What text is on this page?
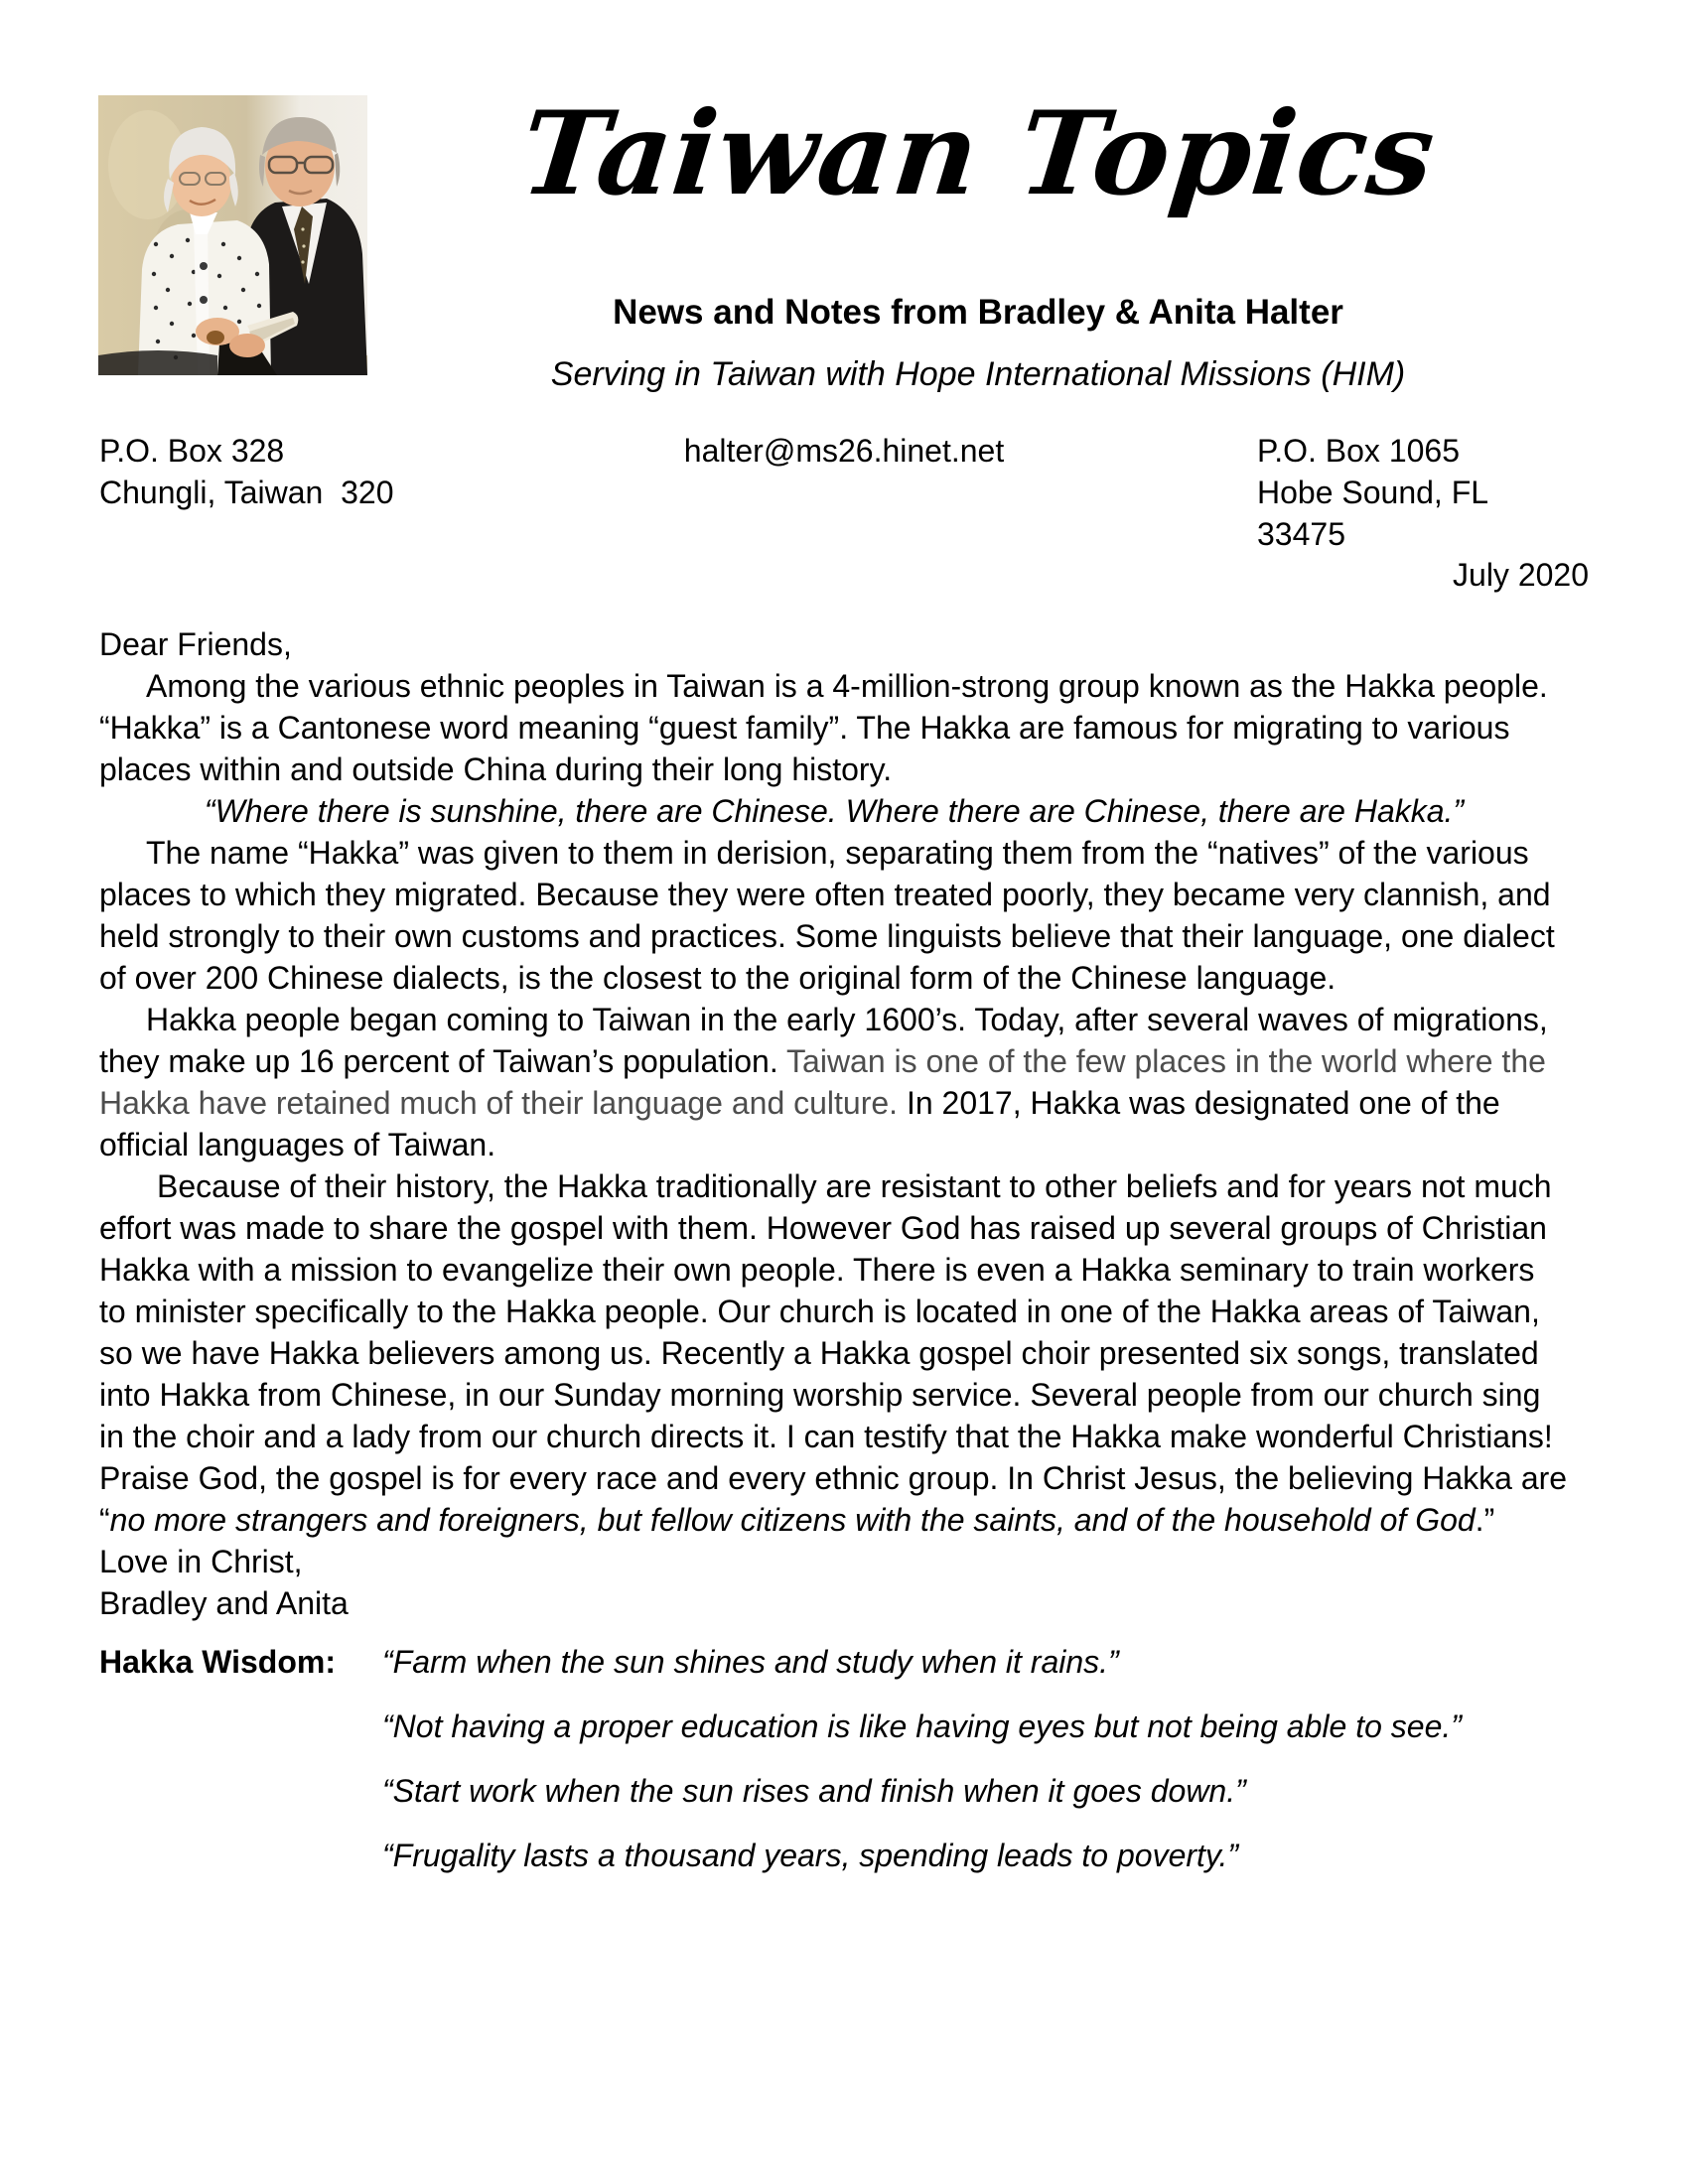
Taiwan Topics
News and Notes from Bradley & Anita Halter
Serving in Taiwan with Hope International Missions (HIM)
P.O. Box 328
Chungli, Taiwan  320
halter@ms26.hinet.net	P.O. Box 1065
Hobe Sound, FL  33475
July 2020

Dear Friends,

Among the various ethnic peoples in Taiwan is a 4-million-strong group known as the Hakka people. “Hakka” is a Cantonese word meaning “guest family”. The Hakka are famous for migrating to various places within and outside China during their long history.

“Where there is sunshine, there are Chinese. Where there are Chinese, there are Hakka.”

The name “Hakka” was given to them in derision, separating them from the “natives” of the various places to which they migrated. Because they were often treated poorly, they became very clannish, and held strongly to their own customs and practices. Some linguists believe that their language, one dialect of over 200 Chinese dialects, is the closest to the original form of the Chinese language.

Hakka people began coming to Taiwan in the early 1600’s. Today, after several waves of migrations, they make up 16 percent of Taiwan’s population. Taiwan is one of the few places in the world where the Hakka have retained much of their language and culture. In 2017, Hakka was designated one of the official languages of Taiwan.

Because of their history, the Hakka traditionally are resistant to other beliefs and for years not much effort was made to share the gospel with them. However God has raised up several groups of Christian Hakka with a mission to evangelize their own people. There is even a Hakka seminary to train workers to minister specifically to the Hakka people. Our church is located in one of the Hakka areas of Taiwan, so we have Hakka believers among us. Recently a Hakka gospel choir presented six songs, translated into Hakka from Chinese, in our Sunday morning worship service. Several people from our church sing in the choir and a lady from our church directs it. I can testify that the Hakka make wonderful Christians! Praise God, the gospel is for every race and every ethnic group. In Christ Jesus, the believing Hakka are “no more strangers and foreigners, but fellow citizens with the saints, and of the household of God.”

Love in Christ,

Bradley and Anita

Hakka Wisdom: “Farm when the sun shines and study when it rains.”
“Not having a proper education is like having eyes but not being able to see.”
“Start work when the sun rises and finish when it goes down.”
“Frugality lasts a thousand years, spending leads to poverty.”
